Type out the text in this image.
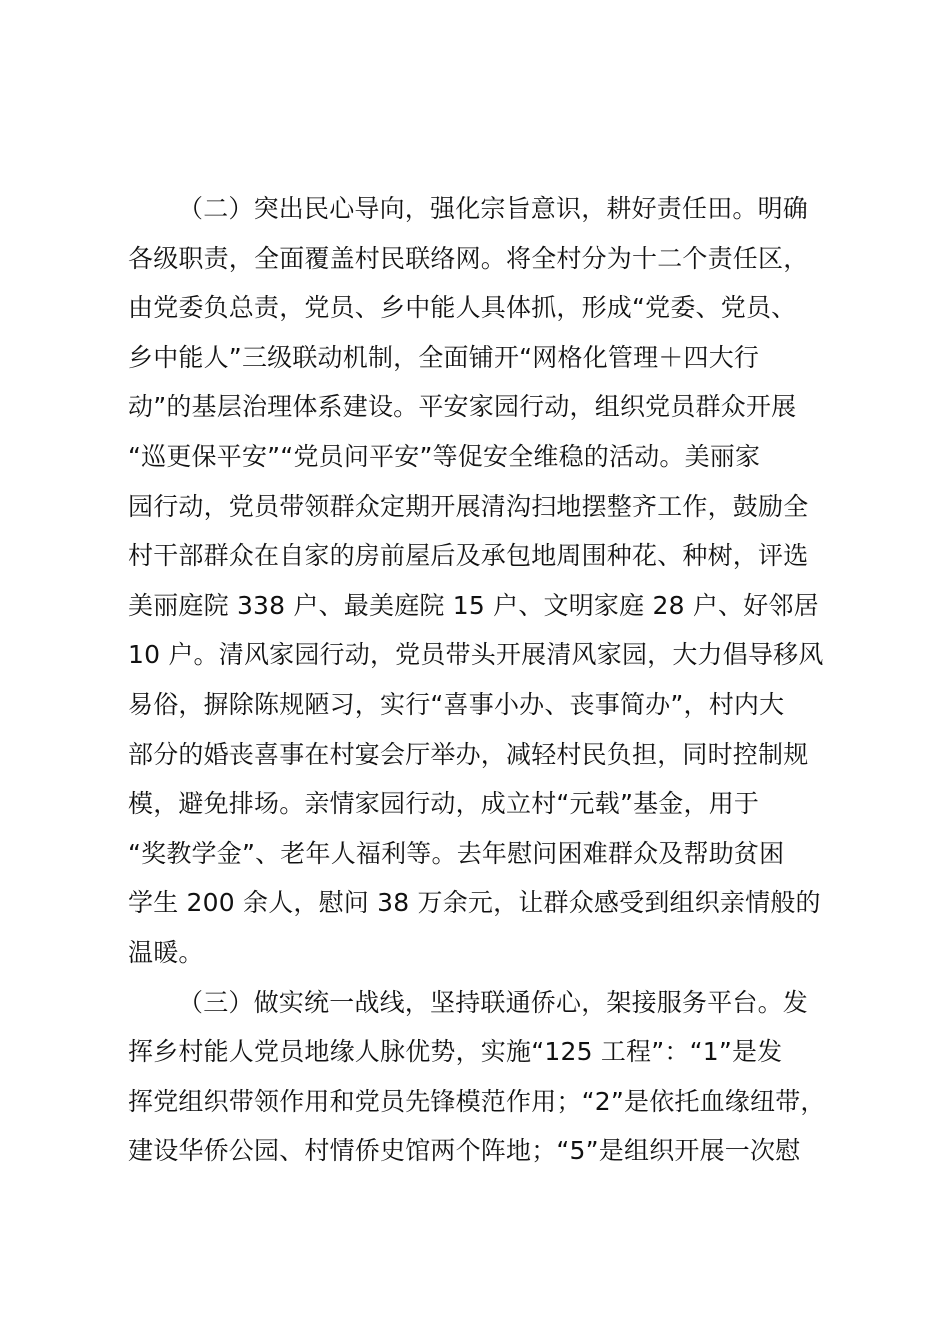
（二）突出民心导向，强化宗旨意识，耕好责任田。明确
各级职责，全面覆盖村民联络网。将全村分为十二个责任区，
由党委负总责，党员、乡中能人具体抓，形成“党委、党员、
乡中能人”三级联动机制，全面铺开“网格化管理＋四大行
动”的基层治理体系建设。平安家园行动，组织党员群众开展
“巡更保平安”“党员问平安”等促安全维稳的活动。美丽家
园行动，党员带领群众定期开展清沟扫地摆整齐工作，鼓励全
村干部群众在自家的房前屋后及承包地周围种花、种树，评选
美丽庭院 338 户、最美庭院 15 户、文明家庭 28 户、好邻居
10 户。清风家园行动，党员带头开展清风家园，大力倡导移风
易俗，摒除陈规陋习，实行“喜事小办、丧事简办”，村内大
部分的婚丧喜事在村宴会厅举办，减轻村民负担，同时控制规
模，避免排场。亲情家园行动，成立村“元载”基金，用于
“奖教学金”、老年人福利等。去年慰问困难群众及帮助贫困
学生 200 余人，慰问 38 万余元，让群众感受到组织亲情般的
温暖。
（三）做实统一战线，坚持联通侨心，架接服务平台。发
挥乡村能人党员地缘人脉优势，实施“125 工程”：“1”是发
挥党组织带领作用和党员先锋模范作用；“2”是依托血缘纽带，
建设华侨公园、村情侨史馆两个阵地；“5”是组织开展一次慰
